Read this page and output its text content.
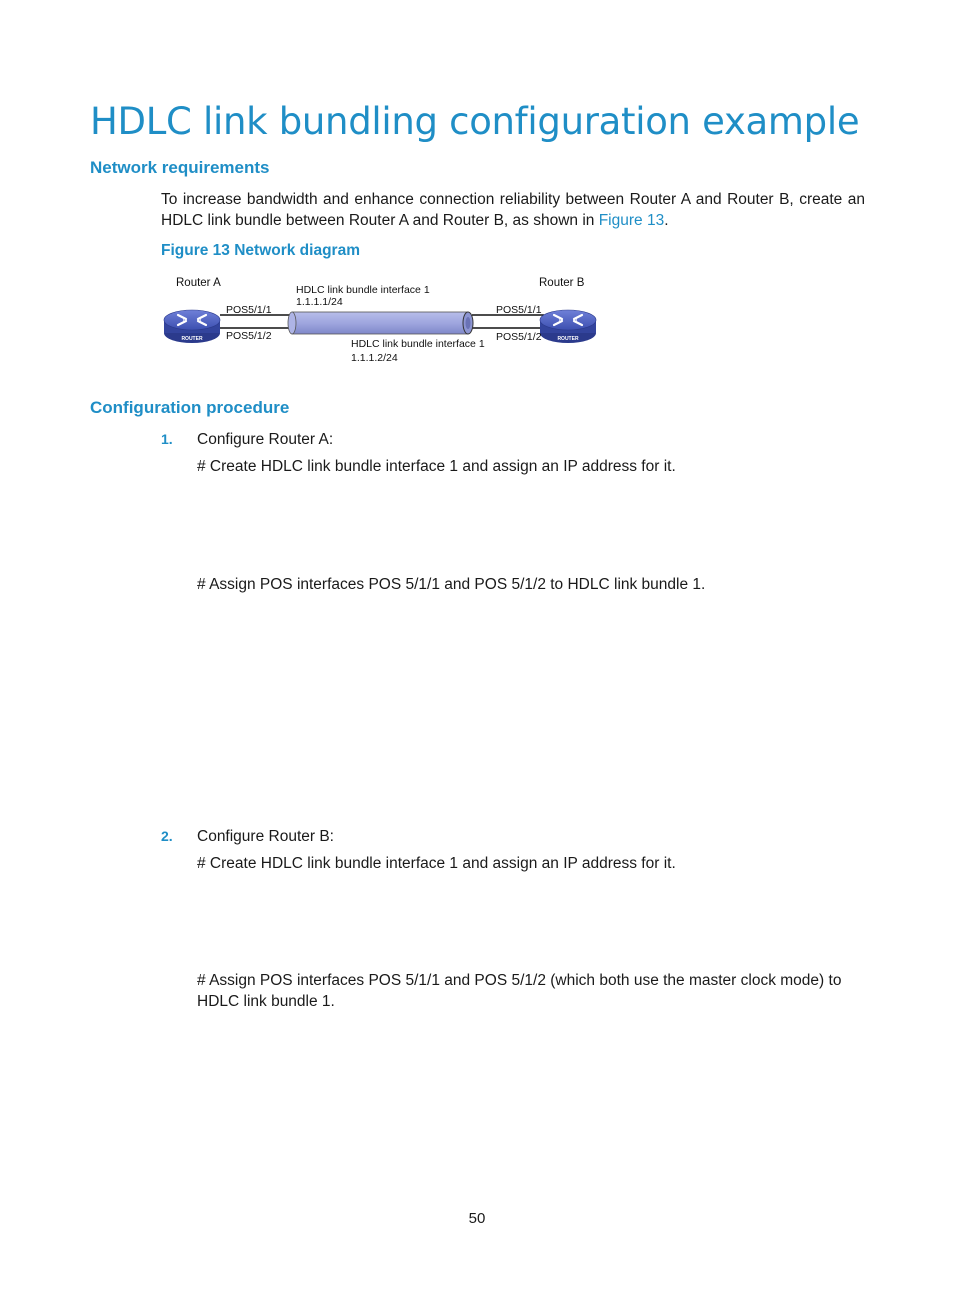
HDLC link bundling configuration example
Network requirements
To increase bandwidth and enhance connection reliability between Router A and Router B, create an HDLC link bundle between Router A and Router B, as shown in Figure 13.
Figure 13 Network diagram
ROUTER	ROUTER
Router A	Router B
POS5/1/1
POS5/1/2
POS5/1/1
POS5/1/2
HDLC link bundle interface 1
1.1.1.1/24
HDLC link bundle interface 1
1.1.1.2/24
Configuration procedure
1. Configure Router A:
# Create HDLC link bundle interface 1 and assign an IP address for it.
# Assign POS interfaces POS 5/1/1 and POS 5/1/2 to HDLC link bundle 1.
2. Configure Router B:
# Create HDLC link bundle interface 1 and assign an IP address for it.
# Assign POS interfaces POS 5/1/1 and POS 5/1/2 (which both use the master clock mode) to HDLC link bundle 1.
50
